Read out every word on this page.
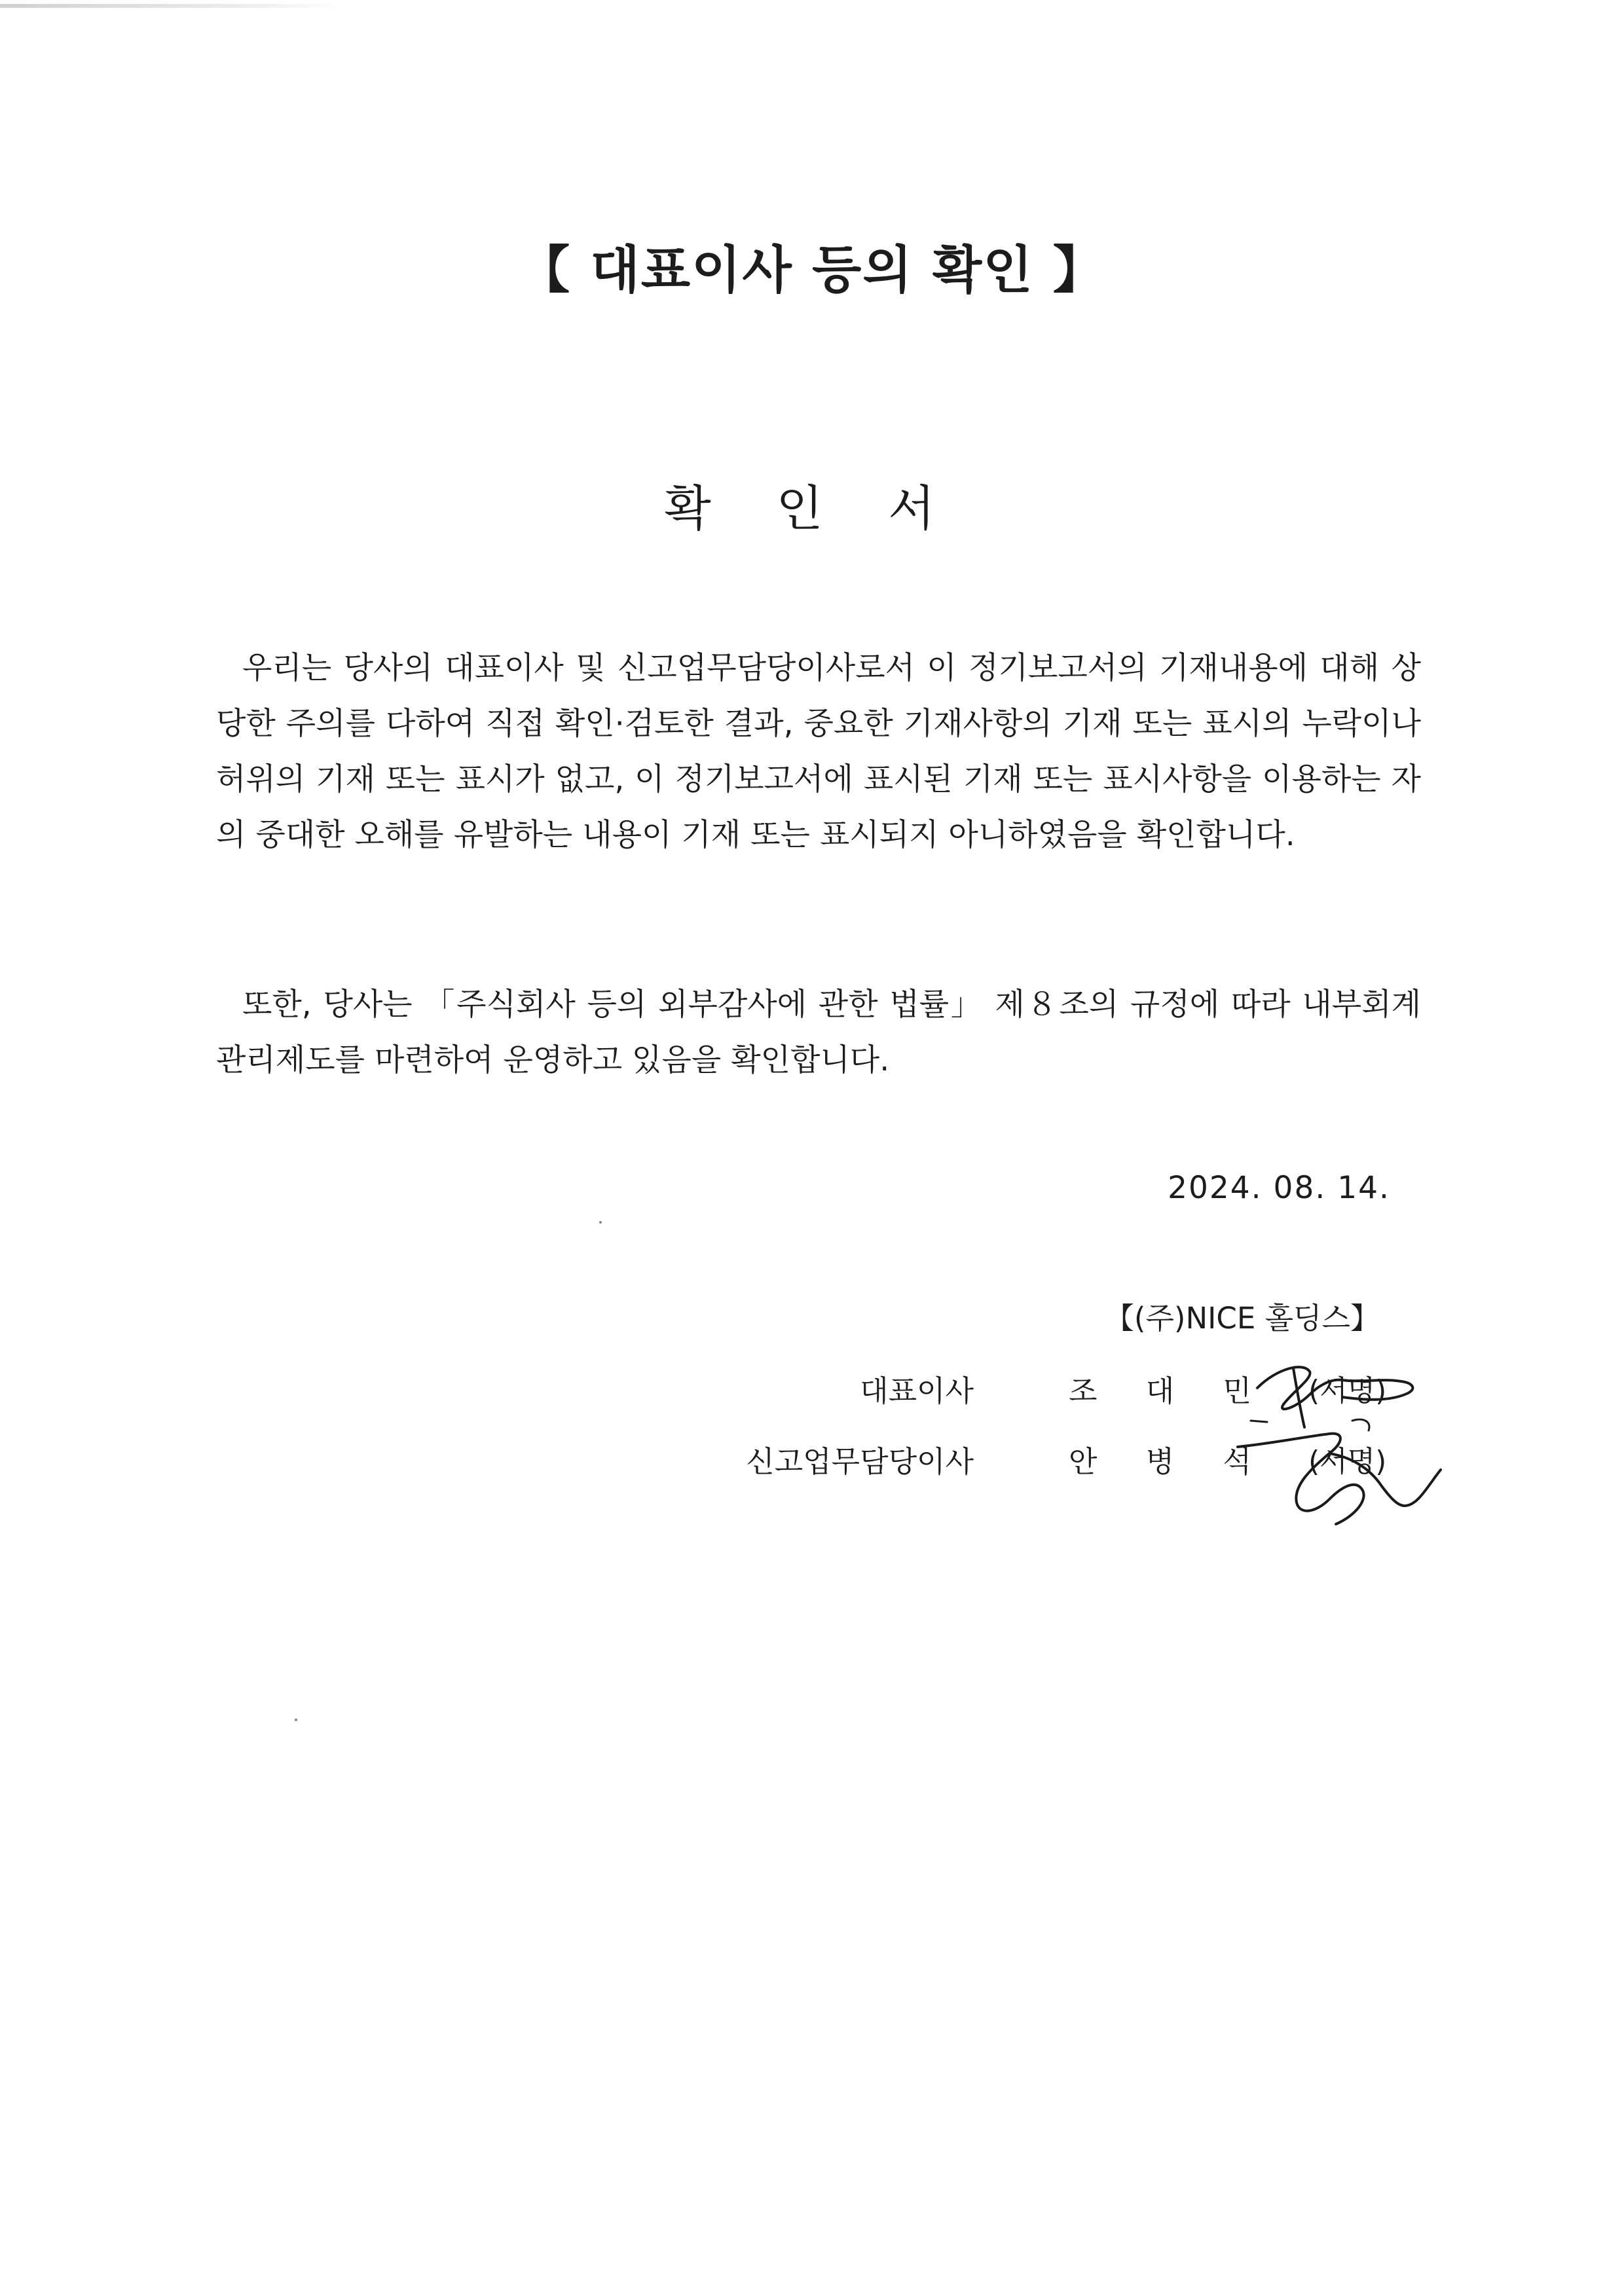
【 대표이사 등의 확인 】
확 인 서

우리는 당사의 대표이사 및 신고업무담당이사로서 이 정기보고서의 기재내용에 대해 상당한 주의를 다하여 직접 확인·검토한 결과, 중요한 기재사항의 기재 또는 표시의 누락이나 허위의 기재 또는 표시가 없고, 이 정기보고서에 표시된 기재 또는 표시사항을 이용하는 자의 중대한 오해를 유발하는 내용이 기재 또는 표시되지 아니하였음을 확인합니다.

또한, 당사는 「주식회사 등의 외부감사에 관한 법률」 제８조의 규정에 따라 내부회계관리제도를 마련하여 운영하고 있음을 확인합니다.

2024. 08. 14.
【(주)NICE 홀딩스】
대표이사	조 대 민 (서명)
신고업무담당이사	안 병 석 (서명)
